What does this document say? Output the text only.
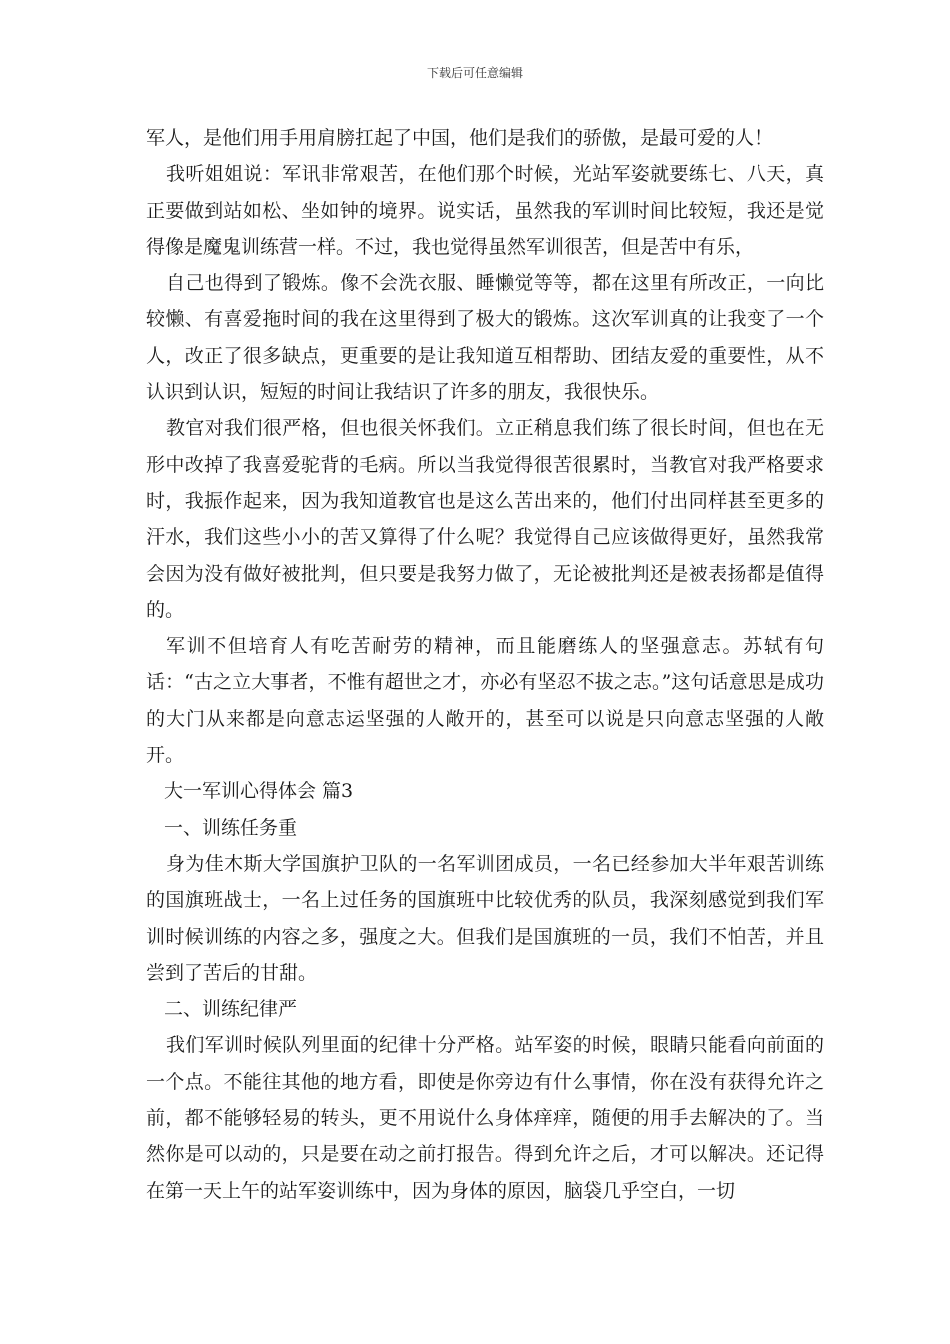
下载后可任意编辑

军人，是他们用手用肩膀扛起了中国，他们是我们的骄傲，是最可爱的人！

我听姐姐说：军讯非常艰苦，在他们那个时候，光站军姿就要练七、八天，真正要做到站如松、坐如钟的境界。说实话，虽然我的军训时间比较短，我还是觉得像是魔鬼训练营一样。不过，我也觉得虽然军训很苦，但是苦中有乐，

自己也得到了锻炼。像不会洗衣服、睡懒觉等等，都在这里有所改正，一向比较懒、有喜爱拖时间的我在这里得到了极大的锻炼。这次军训真的让我变了一个人，改正了很多缺点，更重要的是让我知道互相帮助、团结友爱的重要性，从不认识到认识，短短的时间让我结识了许多的朋友，我很快乐。

教官对我们很严格，但也很关怀我们。立正稍息我们练了很长时间，但也在无形中改掉了我喜爱驼背的毛病。所以当我觉得很苦很累时，当教官对我严格要求时，我振作起来，因为我知道教官也是这么苦出来的，他们付出同样甚至更多的汗水，我们这些小小的苦又算得了什么呢？我觉得自己应该做得更好，虽然我常会因为没有做好被批判，但只要是我努力做了，无论被批判还是被表扬都是值得的。

军训不但培育人有吃苦耐劳的精神，而且能磨练人的坚强意志。苏轼有句话：“古之立大事者，不惟有超世之才，亦必有坚忍不拔之志。”这句话意思是成功的大门从来都是向意志运坚强的人敞开的，甚至可以说是只向意志坚强的人敞开。

大一军训心得体会 篇3

一、训练任务重

身为佳木斯大学国旗护卫队的一名军训团成员，一名已经参加大半年艰苦训练的国旗班战士，一名上过任务的国旗班中比较优秀的队员，我深刻感觉到我们军训时候训练的内容之多，强度之大。但我们是国旗班的一员，我们不怕苦，并且尝到了苦后的甘甜。

二、训练纪律严

我们军训时候队列里面的纪律十分严格。站军姿的时候，眼睛只能看向前面的一个点。不能往其他的地方看，即使是你旁边有什么事情，你在没有获得允许之前，都不能够轻易的转头，更不用说什么身体痒痒，随便的用手去解决的了。当然你是可以动的，只是要在动之前打报告。得到允许之后，才可以解决。还记得在第一天上午的站军姿训练中，因为身体的原因，脑袋几乎空白，一切
